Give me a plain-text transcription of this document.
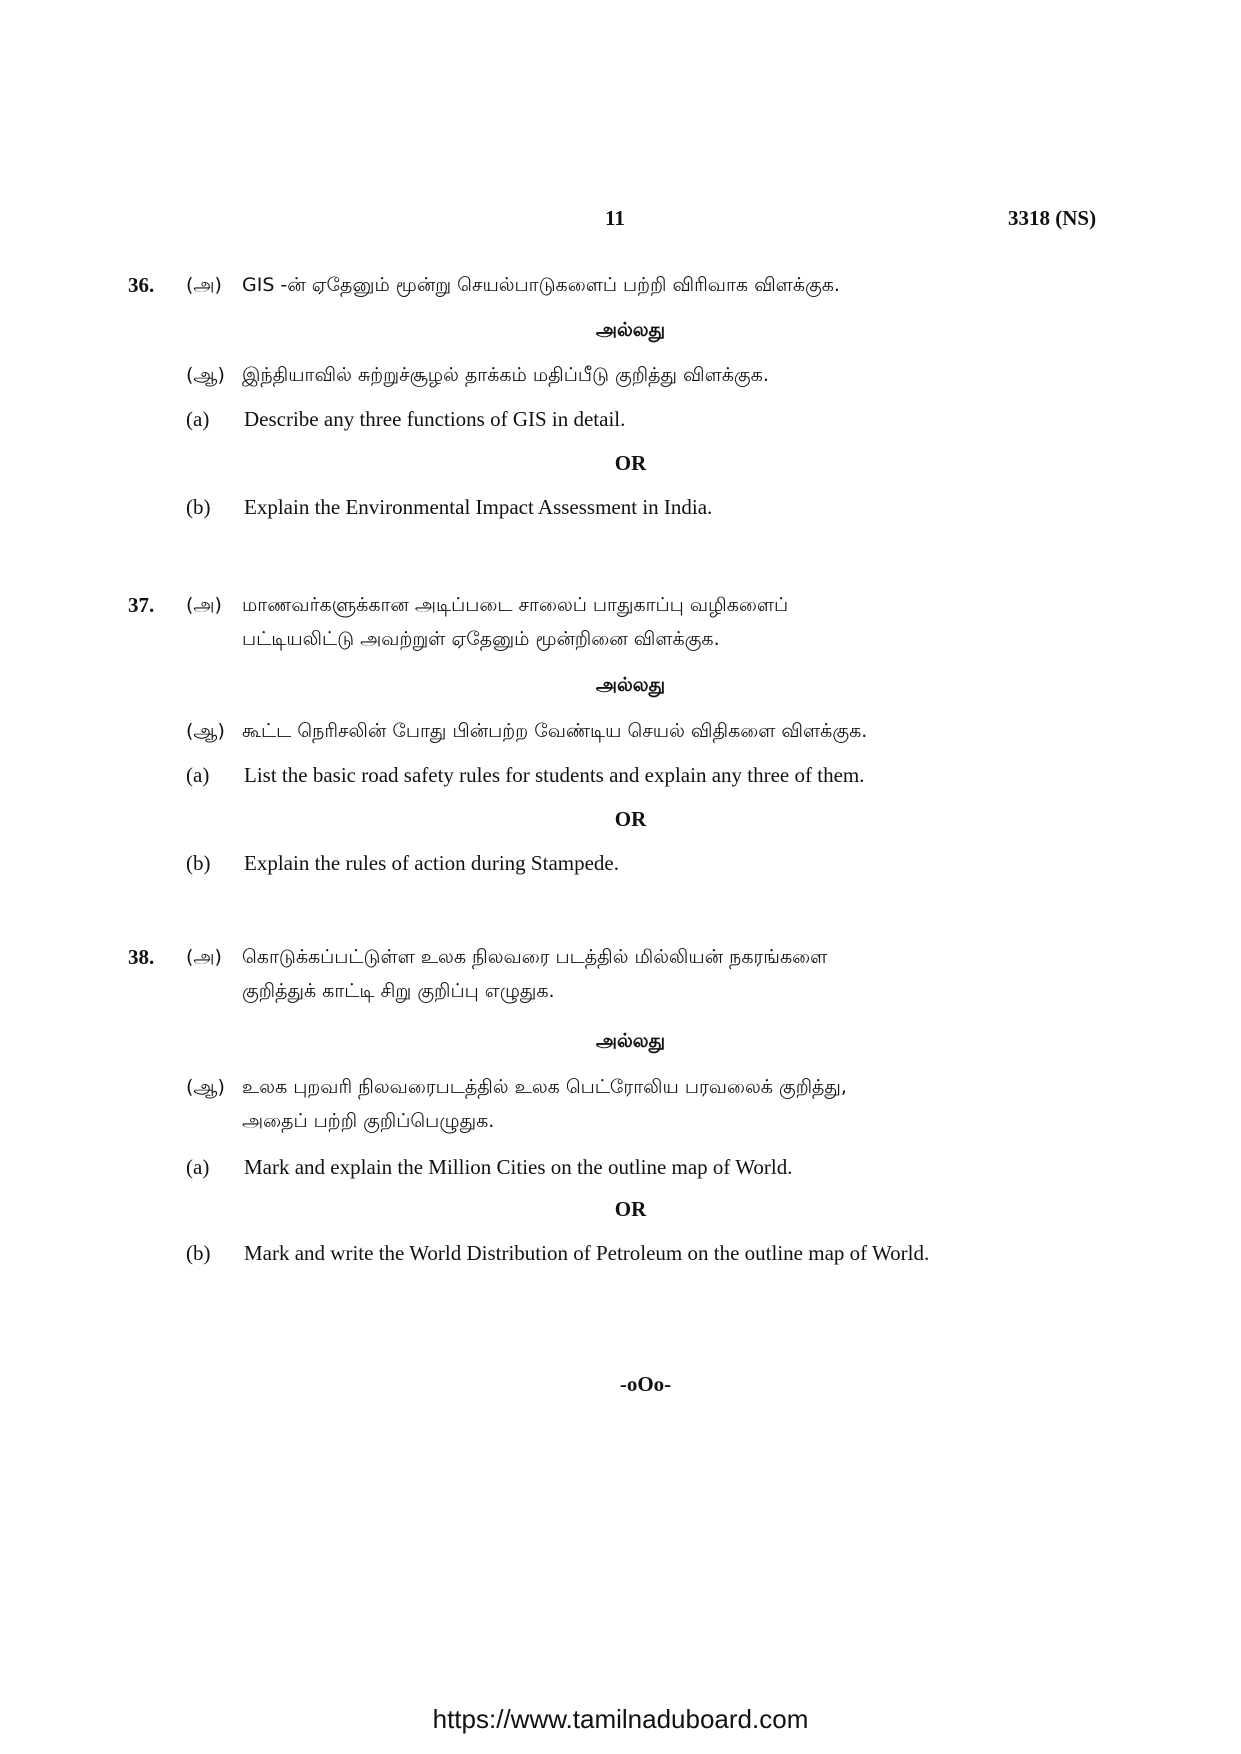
11	3318 (NS)
36. (அ) GIS -ன் ஏதேனும் மூன்று செயல்பாடுகளைப் பற்றி விரிவாக விளக்குக.
அல்லது
(ஆ) இந்தியாவில் சுற்றுச்சூழல் தாக்கம் மதிப்பீடு குறித்து விளக்குக.
(a) Describe any three functions of GIS in detail.
OR
(b) Explain the Environmental Impact Assessment in India.
37. (அ) மாணவர்களுக்கான அடிப்படை சாலைப் பாதுகாப்பு வழிகளைப்
பட்டியலிட்டு அவற்றுள் ஏதேனும் மூன்றினை விளக்குக.
அல்லது
(ஆ) கூட்ட நெரிசலின் போது பின்பற்ற வேண்டிய செயல் விதிகளை விளக்குக.
(a) List the basic road safety rules for students and explain any three of them.
OR
(b) Explain the rules of action during Stampede.
38. (அ) கொடுக்கப்பட்டுள்ள உலக நிலவரை படத்தில் மில்லியன் நகரங்களை
குறித்துக் காட்டி சிறு குறிப்பு எழுதுக.
அல்லது
(ஆ) உலக புறவரி நிலவரைபடத்தில் உலக பெட்ரோலிய பரவலைக் குறித்து,
அதைப் பற்றி குறிப்பெழுதுக.
(a) Mark and explain the Million Cities on the outline map of World.
OR
(b) Mark and write the World Distribution of Petroleum on the outline map of World.
-oOo-
https://www.tamilnaduboard.com
